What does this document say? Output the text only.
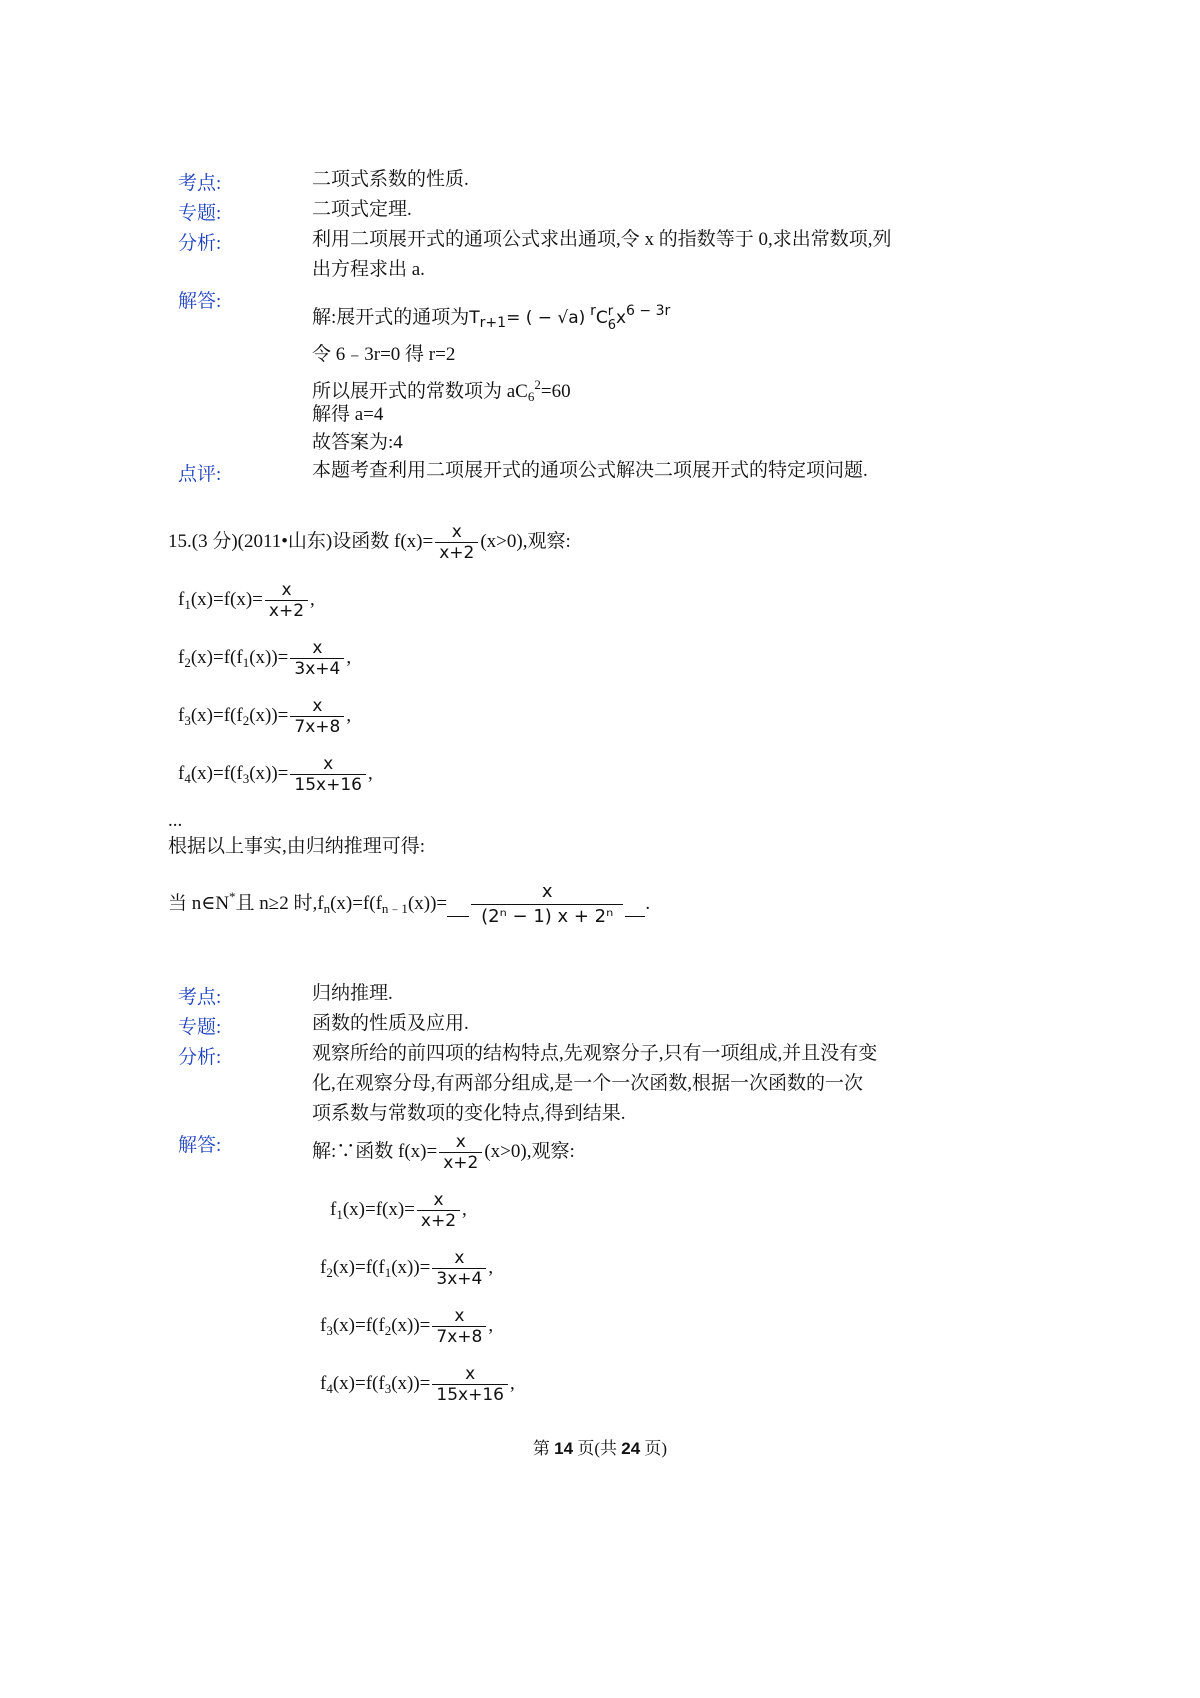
考点:	二项式系数的性质.
专题:	二项式定理.
分析:	利用二项展开式的通项公式求出通项,令 x 的指数等于 0,求出常数项,列
出方程求出 a.
解答:
解:展开式的通项为$T_{r+1}=$ ( − √a) $^r$C r
6 $x^{6 - 3r}$
令 6﹣3r=0 得 r=2
所以展开式的常数项为 $aC_6^2=60$
解得 a=4
故答案为:4
点评:	本题考查利用二项展开式的通项公式解决二项展开式的特定项问题.
15.(3 分)(2011•山东)设函数 $f(x)= \frac{x}{x+2} (x>0)$,观察:
$f_1(x)=f(x)= \frac{x}{x+2}$ ,
$f_2(x)=f(f_1(x))= \frac{x}{3x+4}$ ,
$f_3(x)=f(f_2(x))= \frac{x}{7x+8}$ ,
$f_4(x)=f(f_3(x))= \frac{x}{15x+16}$ ,
...
根据以上事实,由归纳推理可得:
当 n∈N*且 n≥2 时$,f_n(x)=f(f_{n﹣1}(x))= \frac{x}{\text{(2ⁿ − 1) x + 2ⁿ}}$ .
考点:	归纳推理.
专题:	函数的性质及应用.
分析:	观察所给的前四项的结构特点,先观察分子,只有一项组成,并且没有变
化,在观察分母,有两部分组成,是一个一次函数,根据一次函数的一次
项系数与常数项的变化特点,得到结果.
解答:	解:∵函数 $f(x)= \frac{x}{x+2} (x>0)$,观察:
$f_1(x)=f(x)= \frac{x}{x+2}$ ,
$f_2(x)=f(f_1(x))= \frac{x}{3x+4}$ ,
$f_3(x)=f(f_2(x))= \frac{x}{7x+8}$ ,
$f_4(x)=f(f_3(x))= \frac{x}{15x+16}$ ,
第 14 页(共 24 页)
